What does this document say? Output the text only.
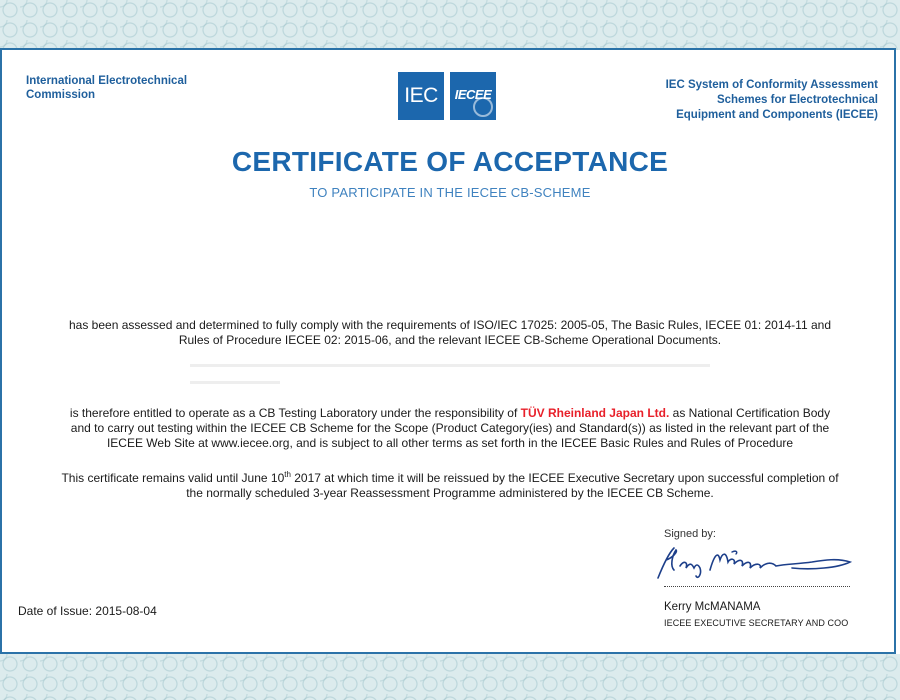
International Electrotechnical
Commission	IEC IECEE
IEC System of Conformity Assessment
Schemes for Electrotechnical
Equipment and Components (IECEE)
CERTIFICATE OF ACCEPTANCE
TO PARTICIPATE IN THE IECEE CB-SCHEME
has been assessed and determined to fully comply with the requirements of ISO/IEC 17025: 2005-05, The Basic Rules, IECEE 01: 2014-11 and
Rules of Procedure IECEE 02: 2015-06, and the relevant IECEE CB-Scheme Operational Documents.
is therefore entitled to operate as a CB Testing Laboratory under the responsibility of TÜV Rheinland Japan Ltd. as National Certification Body
and to carry out testing within the IECEE CB Scheme for the Scope (Product Category(ies) and Standard(s)) as listed in the relevant part of the
IECEE Web Site at www.iecee.org, and is subject to all other terms as set forth in the IECEE Basic Rules and Rules of Procedure
This certificate remains valid until June 10th 2017 at which time it will be reissued by the IECEE Executive Secretary upon successful completion of
the normally scheduled 3-year Reassessment Programme administered by the IECEE CB Scheme.
Signed by:
Kerry McMANAMA
IECEE EXECUTIVE SECRETARY AND COO
Date of Issue: 2015-08-04
